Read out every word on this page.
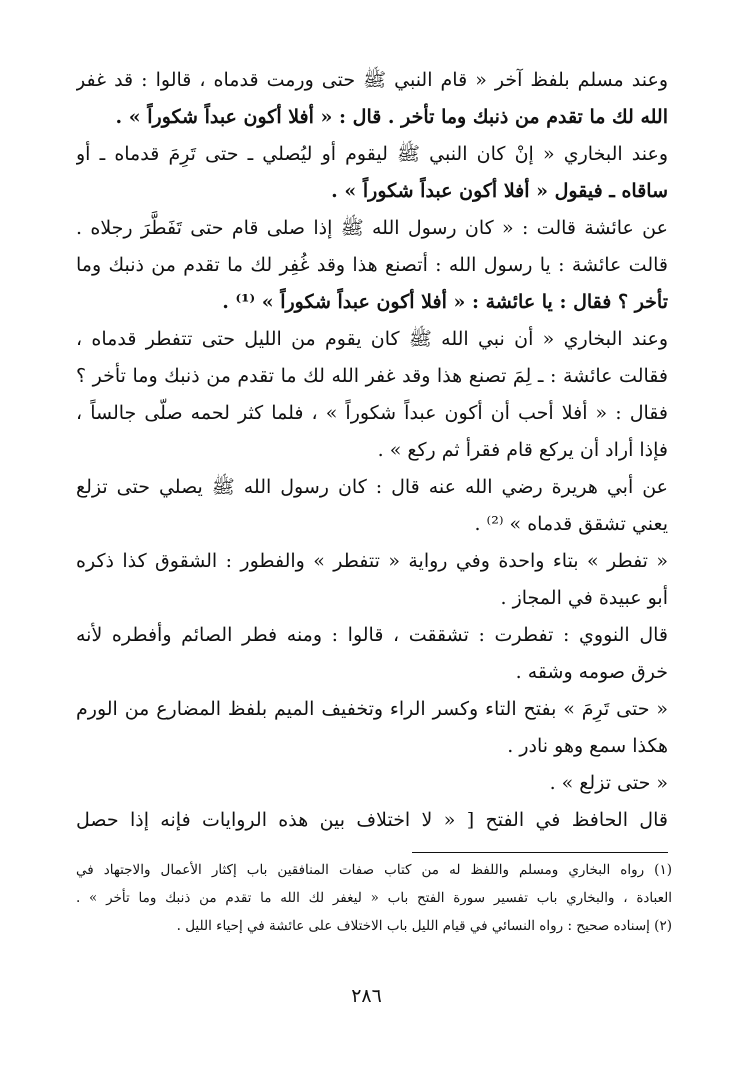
وعند مسلم بلفظ آخر « قام النبي ﷺ حتى ورمت قدماه ، قالوا : قد غفر
الله لك ما تقدم من ذنبك وما تأخر . قال : « أفلا أكون عبداً شكوراً » .
وعند البخاري « إنْ كان النبي ﷺ ليقوم أو ليُصلي ـ حتى تَرِمَ قدماه ـ أو
ساقاه ـ فيقول « أفلا أكون عبداً شكوراً » .
عن عائشة قالت : « كان رسول الله ﷺ إذا صلى قام حتى تَفَطَّرَ رجلاه .
قالت عائشة : يا رسول الله : أتصنع هذا وقد غُفِر لك ما تقدم من ذنبك وما
تأخر ؟ فقال : يا عائشة : « أفلا أكون عبداً شكوراً » ⁽¹⁾ .
وعند البخاري « أن نبي الله ﷺ كان يقوم من الليل حتى تتفطر قدماه ،
فقالت عائشة : ـ لِمَ تصنع هذا وقد غفر الله لك ما تقدم من ذنبك وما تأخر ؟
فقال : « أفلا أحب أن أكون عبداً شكوراً » ، فلما كثر لحمه صلّى جالساً ،
فإذا أراد أن يركع قام فقرأ ثم ركع » .
عن أبي هريرة رضي الله عنه قال : كان رسول الله ﷺ يصلي حتى تزلع
يعني تشقق قدماه » ⁽²⁾ .
« تفطر » بتاء واحدة وفي رواية « تتفطر » والفطور : الشقوق كذا ذكره
أبو عبيدة في المجاز .
قال النووي : تفطرت : تشققت ، قالوا : ومنه فطر الصائم وأفطره لأنه
خرق صومه وشقه .
« حتى تَرِمَ » بفتح التاء وكسر الراء وتخفيف الميم بلفظ المضارع من الورم
هكذا سمع وهو نادر .
« حتى تزلع » .
قال الحافظ في الفتح [ « لا اختلاف بين هذه الروايات فإنه إذا حصل
(١) رواه البخاري ومسلم واللفظ له من كتاب صفات المنافقين باب إكثار الأعمال والاجتهاد في
العبادة ، والبخاري باب تفسير سورة الفتح باب « ليغفر لك الله ما تقدم من ذنبك وما تأخر » .
(٢) إسناده صحيح : رواه النسائي في قيام الليل باب الاختلاف على عائشة في إحياء الليل .
٢٨٦
